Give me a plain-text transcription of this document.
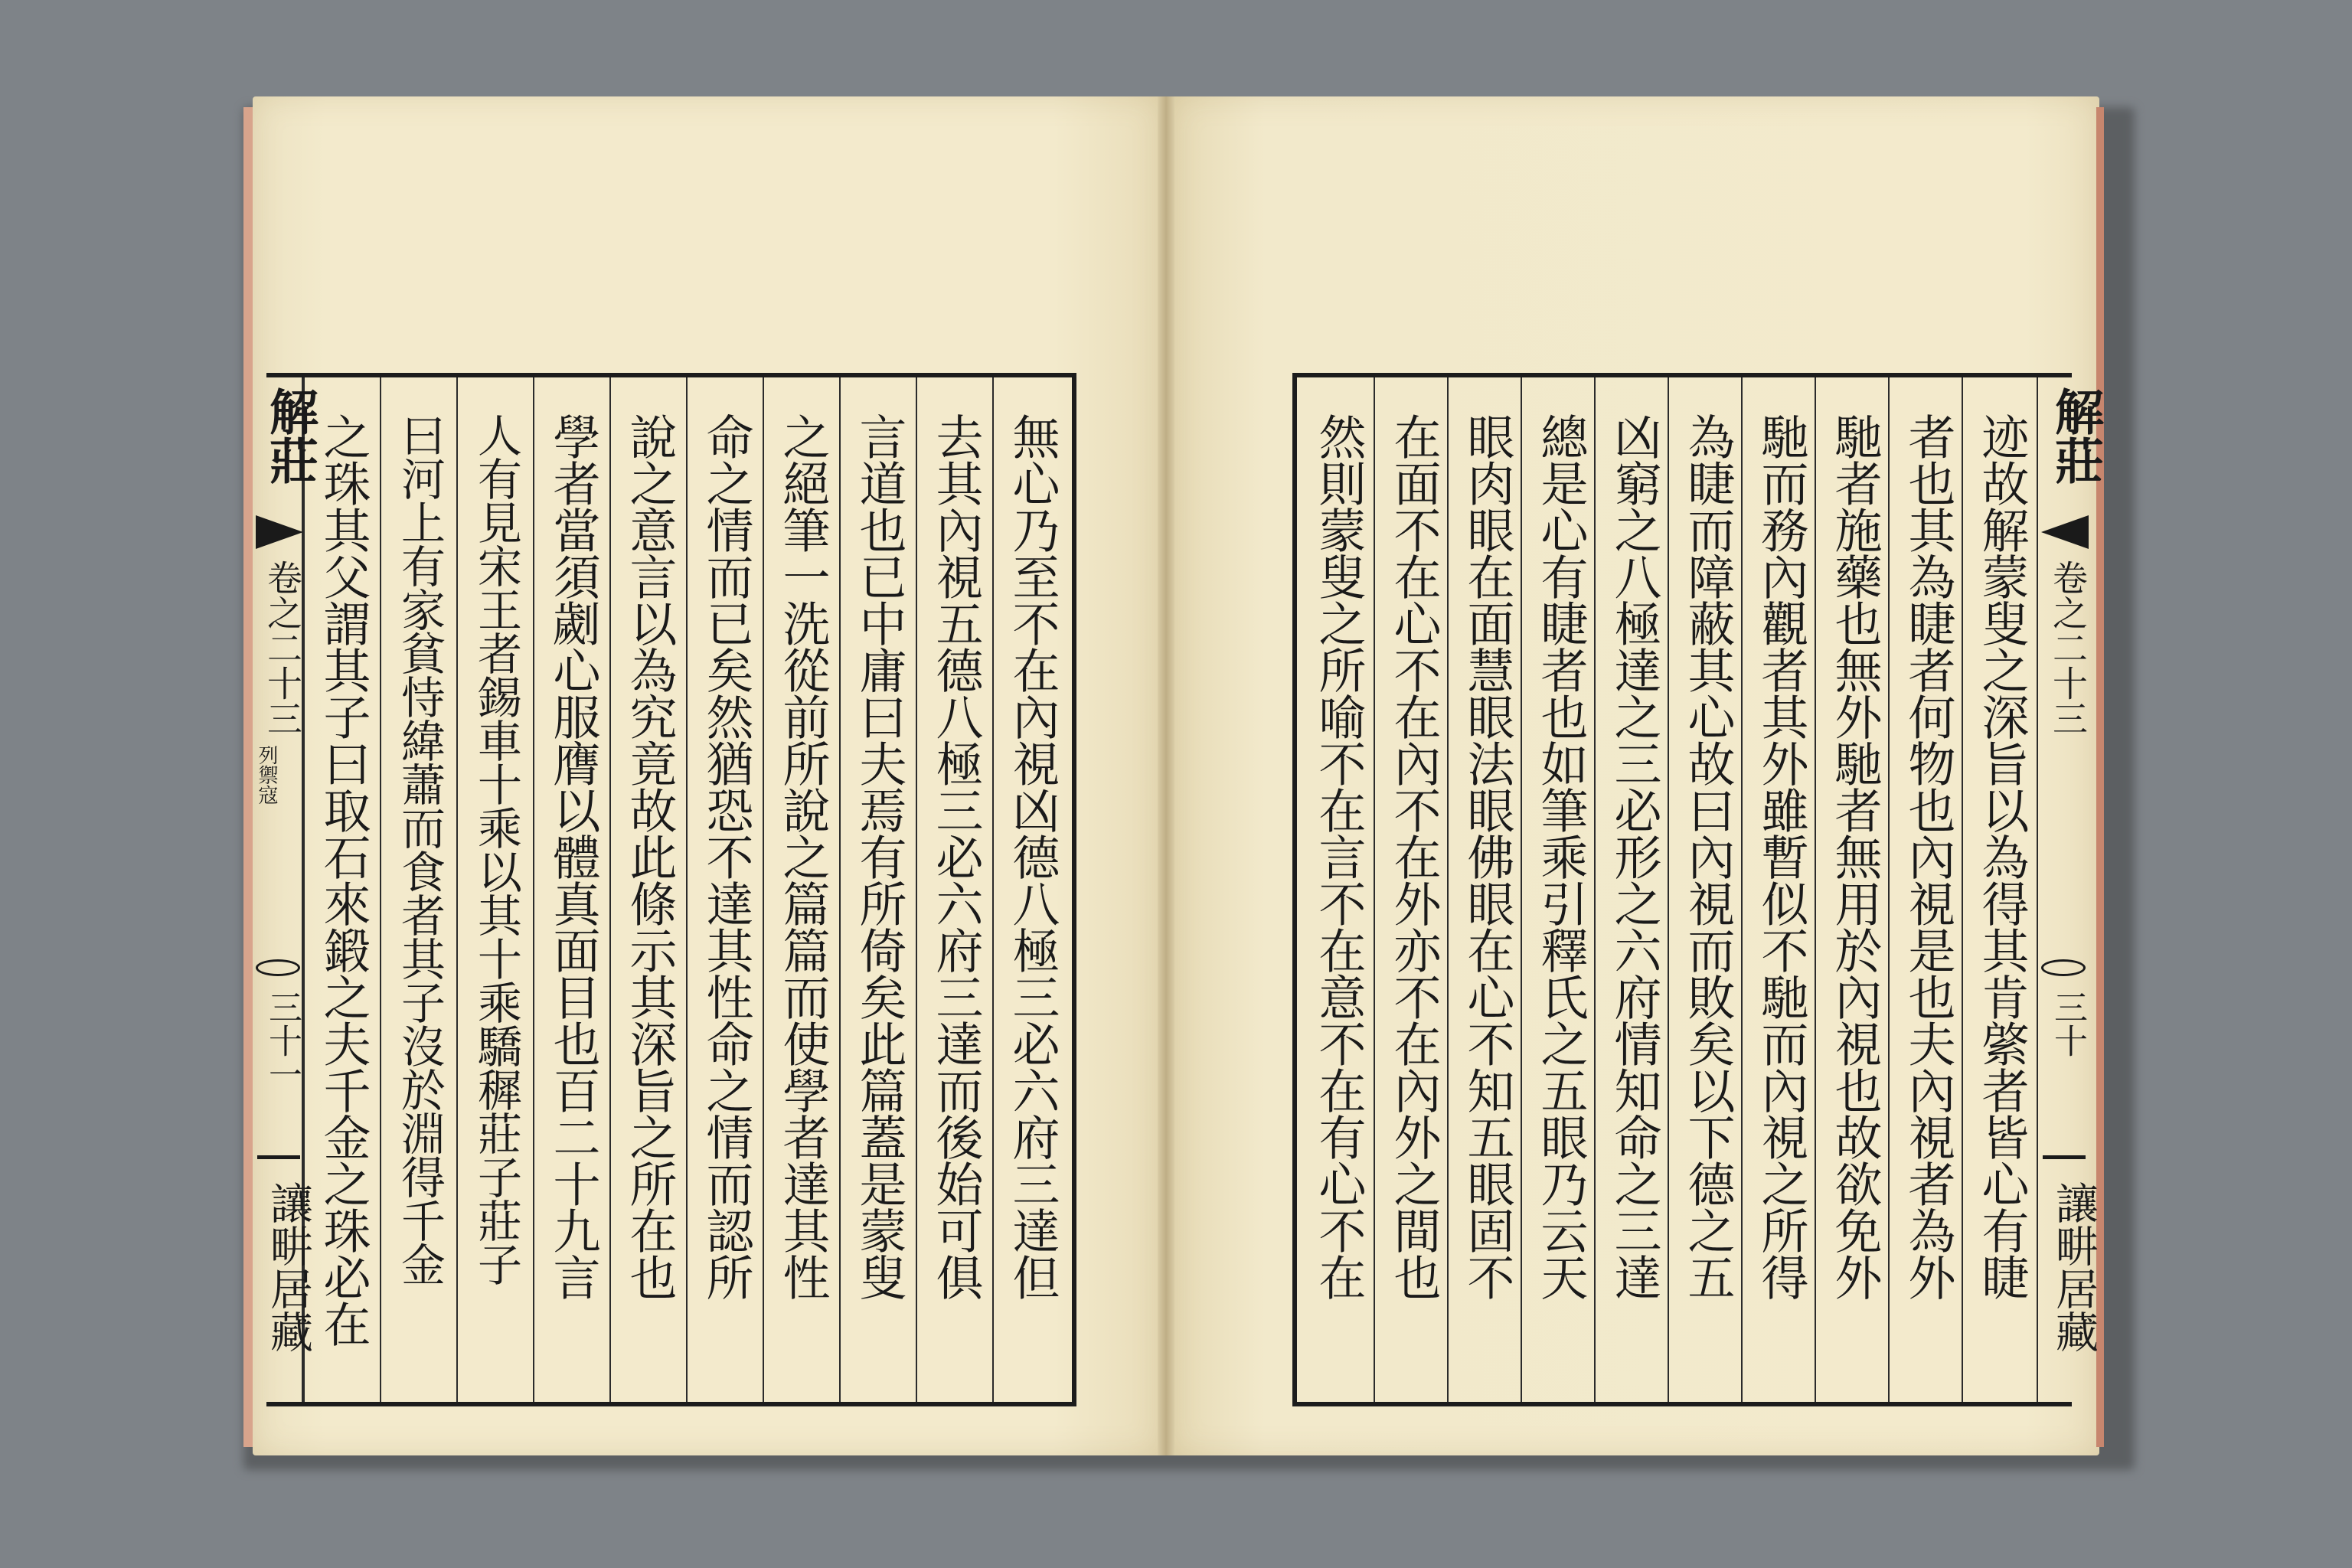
無心乃至不在內視凶德八極三必六府三達但
去其內視五德八極三必六府三達而後始可俱
言道也已中庸曰夫焉有所倚矣此篇蓋是蒙叟
之絕筆一洗從前所說之篇篇而使學者達其性
命之情而已矣然猶恐不達其性命之情而認所
說之意言以為究竟故此條示其深旨之所在也
學者當須劌心服膺以體真面目也百二十九言
人有見宋王者錫車十乘以其十乘驕穉莊子莊子
曰河上有家貧恃緯蕭而食者其子沒於淵得千金
之珠其父謂其子曰取石來鍛之夫千金之珠必在
解莊
卷之二十三
列禦寇
三十一
讓畊居藏	迹故解蒙叟之深旨以為得其肯綮者皆心有睫
者也其為睫者何物也內視是也夫內視者為外
馳者施藥也無外馳者無用於內視也故欲免外
馳而務內觀者其外雖暫似不馳而內視之所得
為睫而障蔽其心故曰內視而敗矣以下德之五
凶窮之八極達之三必形之六府情知命之三達
總是心有睫者也如筆乘引釋氏之五眼乃云天
眼肉眼在面慧眼法眼佛眼在心不知五眼固不
在面不在心不在內不在外亦不在內外之間也
然則蒙叟之所喻不在言不在意不在有心不在	解莊
卷之二十三
三十
讓畊居藏
